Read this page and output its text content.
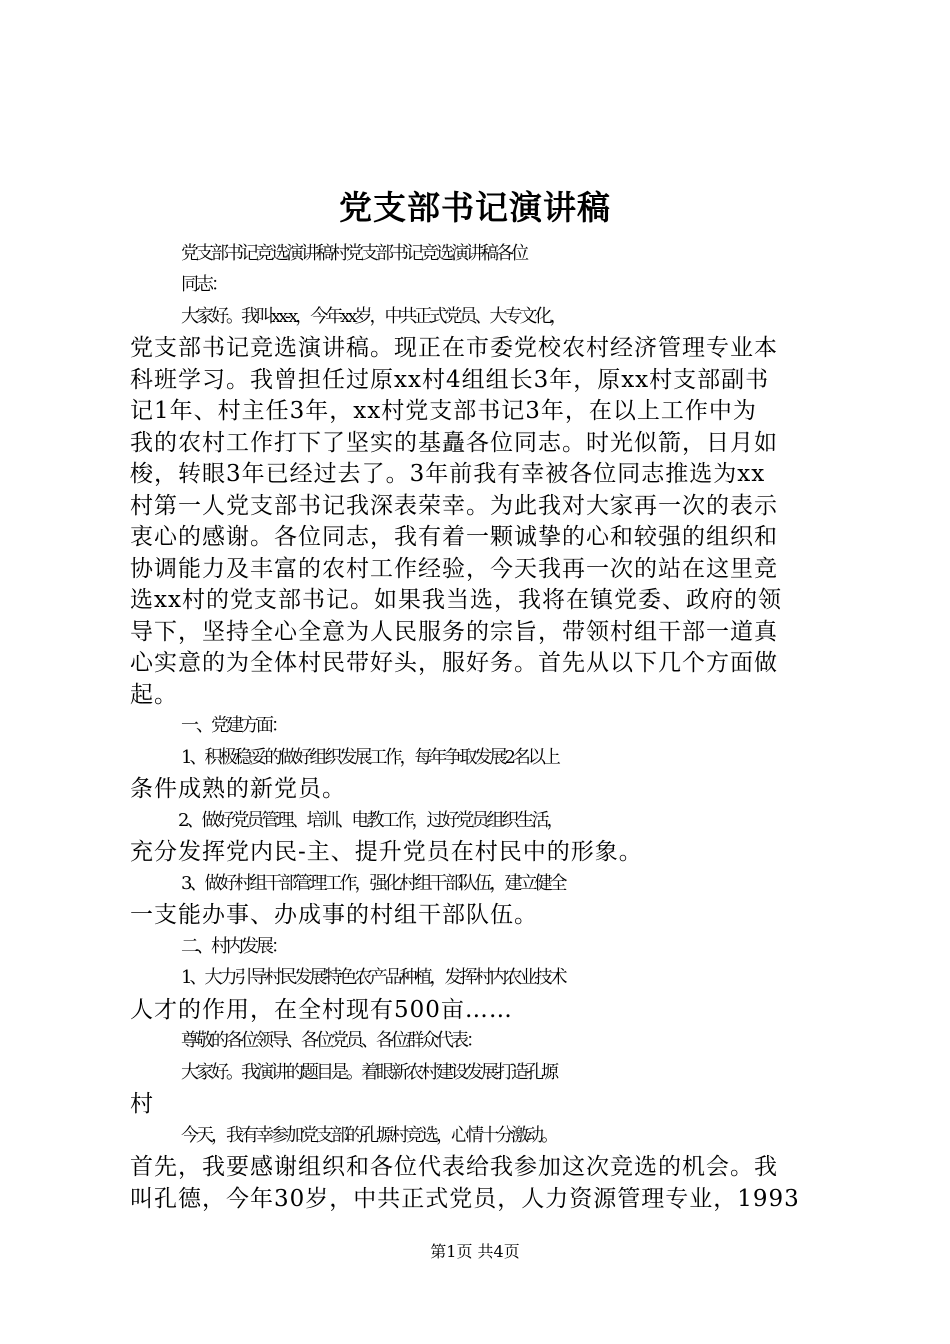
党支部书记演讲稿
党支部书记竞选演讲稿村党支部书记竞选演讲稿各位
同志：
大家好。我叫xx-x，今年xx岁，中共正式党员、大专文化，
党支部书记竞选演讲稿。现正在市委党校农村经济管理专业本
科班学习。我曾担任过原xx村4组组长3年，原xx村支部副书
记1年、村主任3年，xx村党支部书记3年，在以上工作中为
我的农村工作打下了坚实的基矗各位同志。时光似箭，日月如
梭，转眼3年已经过去了。3年前我有幸被各位同志推选为xx
村第一人党支部书记我深表荣幸。为此我对大家再一次的表示
衷心的感谢。各位同志，我有着一颗诚挚的心和较强的组织和
协调能力及丰富的农村工作经验，今天我再一次的站在这里竞
选xx村的党支部书记。如果我当选，我将在镇党委、政府的领
导下，坚持全心全意为人民服务的宗旨，带领村组干部一道真
心实意的为全体村民带好头，服好务。首先从以下几个方面做
起。
一、党建方面：
1、积极稳妥的做好组织发展工作，每年争取发展2名以上
条件成熟的新党员。
2、做好党员管理、培训、电教工作，过好党员组织生活，
充分发挥党内民-主、提升党员在村民中的形象。
3、做好村组干部管理工作，强化村组干部队伍，建立健全
一支能办事、办成事的村组干部队伍。
二、村内发展：
1、大力引导村民发展特色农产品种植，发挥村内农业技术
人才的作用，在全村现有500亩……
尊敬的各位领导、各位党员、各位群众代表：
大家好。我演讲的题目是。着眼新农村建设发展打造孔塬
村
今天，我有幸参加党支部的孔塬村竞选，心情十分激动。
首先，我要感谢组织和各位代表给我参加这次竞选的机会。我
叫孔德，今年30岁，中共正式党员，人力资源管理专业，1993
第1页 共4页
